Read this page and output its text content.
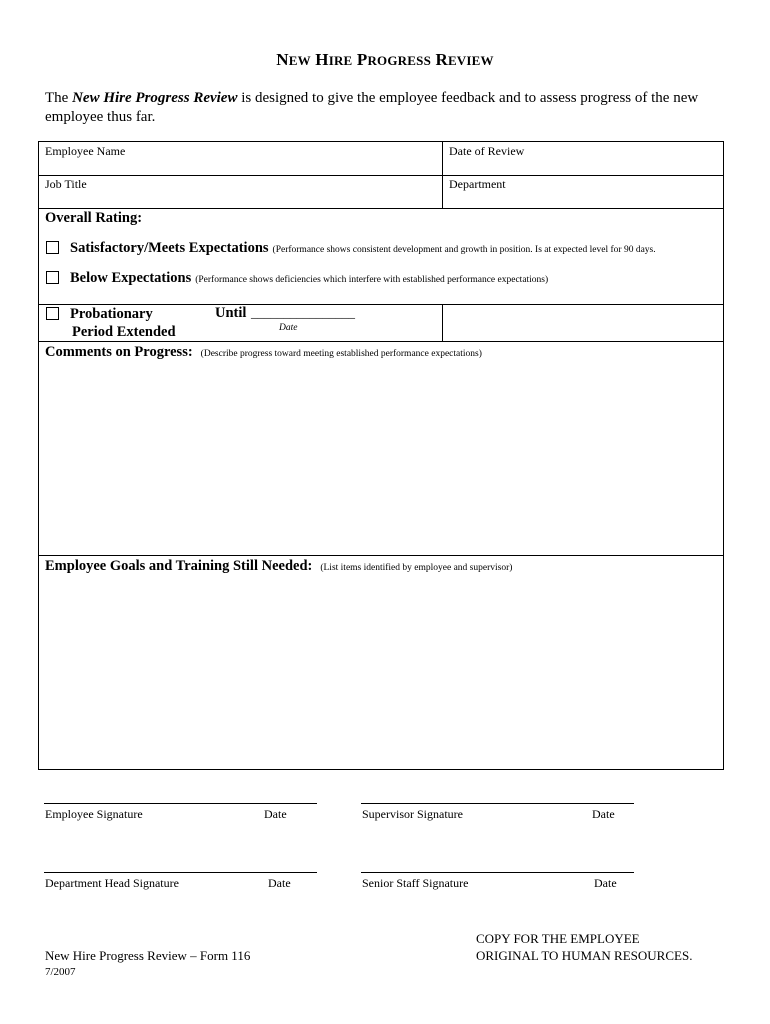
NEW HIRE PROGRESS REVIEW
The New Hire Progress Review is designed to give the employee feedback and to assess progress of the new employee thus far.
Employee Name	Date of Review
Job Title	Department
Overall Rating:
Satisfactory/Meets Expectations (Performance shows consistent development and growth in position. Is at expected level for 90 days.
Below Expectations (Performance shows deficiencies which interfere with established performance expectations)
Probationary
Period Extended
Until ________________
Date
Comments on Progress: (Describe progress toward meeting established performance expectations)
Employee Goals and Training Still Needed: (List items identified by employee and supervisor)
Employee Signature	Date	Supervisor Signature	Date
Department Head Signature	Date	Senior Staff Signature	Date
New Hire Progress Review – Form 116
7/2007
COPY FOR THE EMPLOYEE
ORIGINAL TO HUMAN RESOURCES.
